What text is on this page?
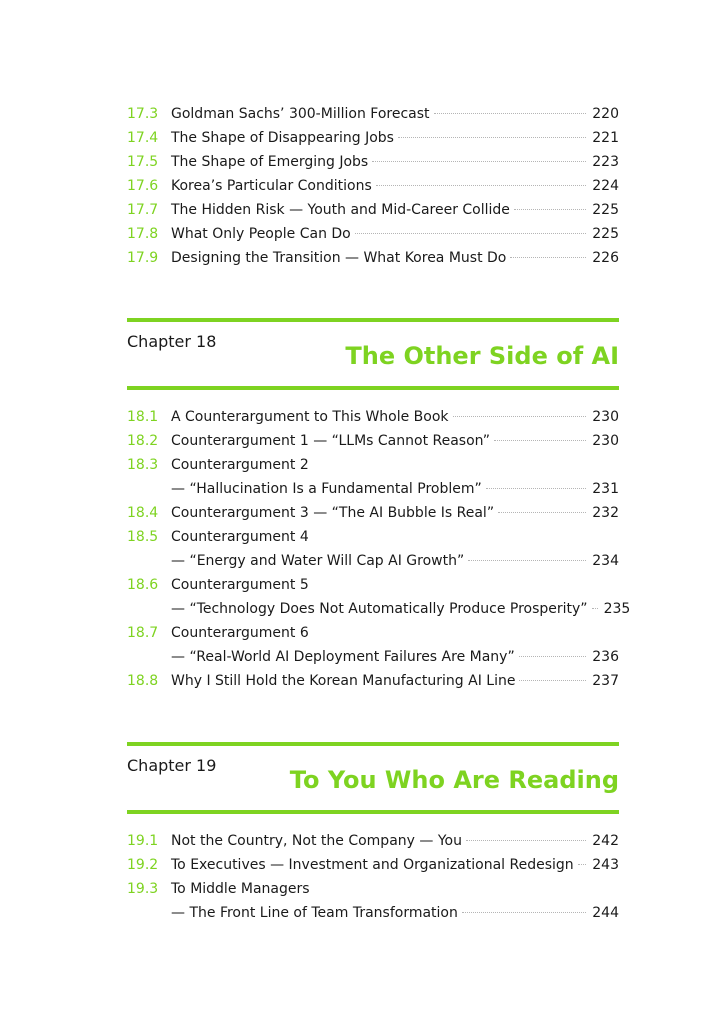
17.3 Goldman Sachs’ 300-Million Forecast	220
17.4 The Shape of Disappearing Jobs	221
17.5 The Shape of Emerging Jobs	223
17.6 Korea’s Particular Conditions	224
17.7 The Hidden Risk — Youth and Mid-Career Collide	225
17.8 What Only People Can Do	225
17.9 Designing the Transition — What Korea Must Do	226
Chapter 18
The Other Side of AI
18.1 A Counterargument to This Whole Book	230
18.2 Counterargument 1 — “LLMs Cannot Reason”	230
18.3 Counterargument 2
— “Hallucination Is a Fundamental Problem”	231
18.4 Counterargument 3 — “The AI Bubble Is Real”	232
18.5 Counterargument 4
— “Energy and Water Will Cap AI Growth”	234
18.6 Counterargument 5
— “Technology Does Not Automatically Produce Prosperity” 235
18.7 Counterargument 6
— “Real-World AI Deployment Failures Are Many”	236
18.8 Why I Still Hold the Korean Manufacturing AI Line	237
Chapter 19
To You Who Are Reading
19.1 Not the Country, Not the Company — You	242
19.2 To Executives — Investment and Organizational Redesign 243
19.3 To Middle Managers
— The Front Line of Team Transformation	244
